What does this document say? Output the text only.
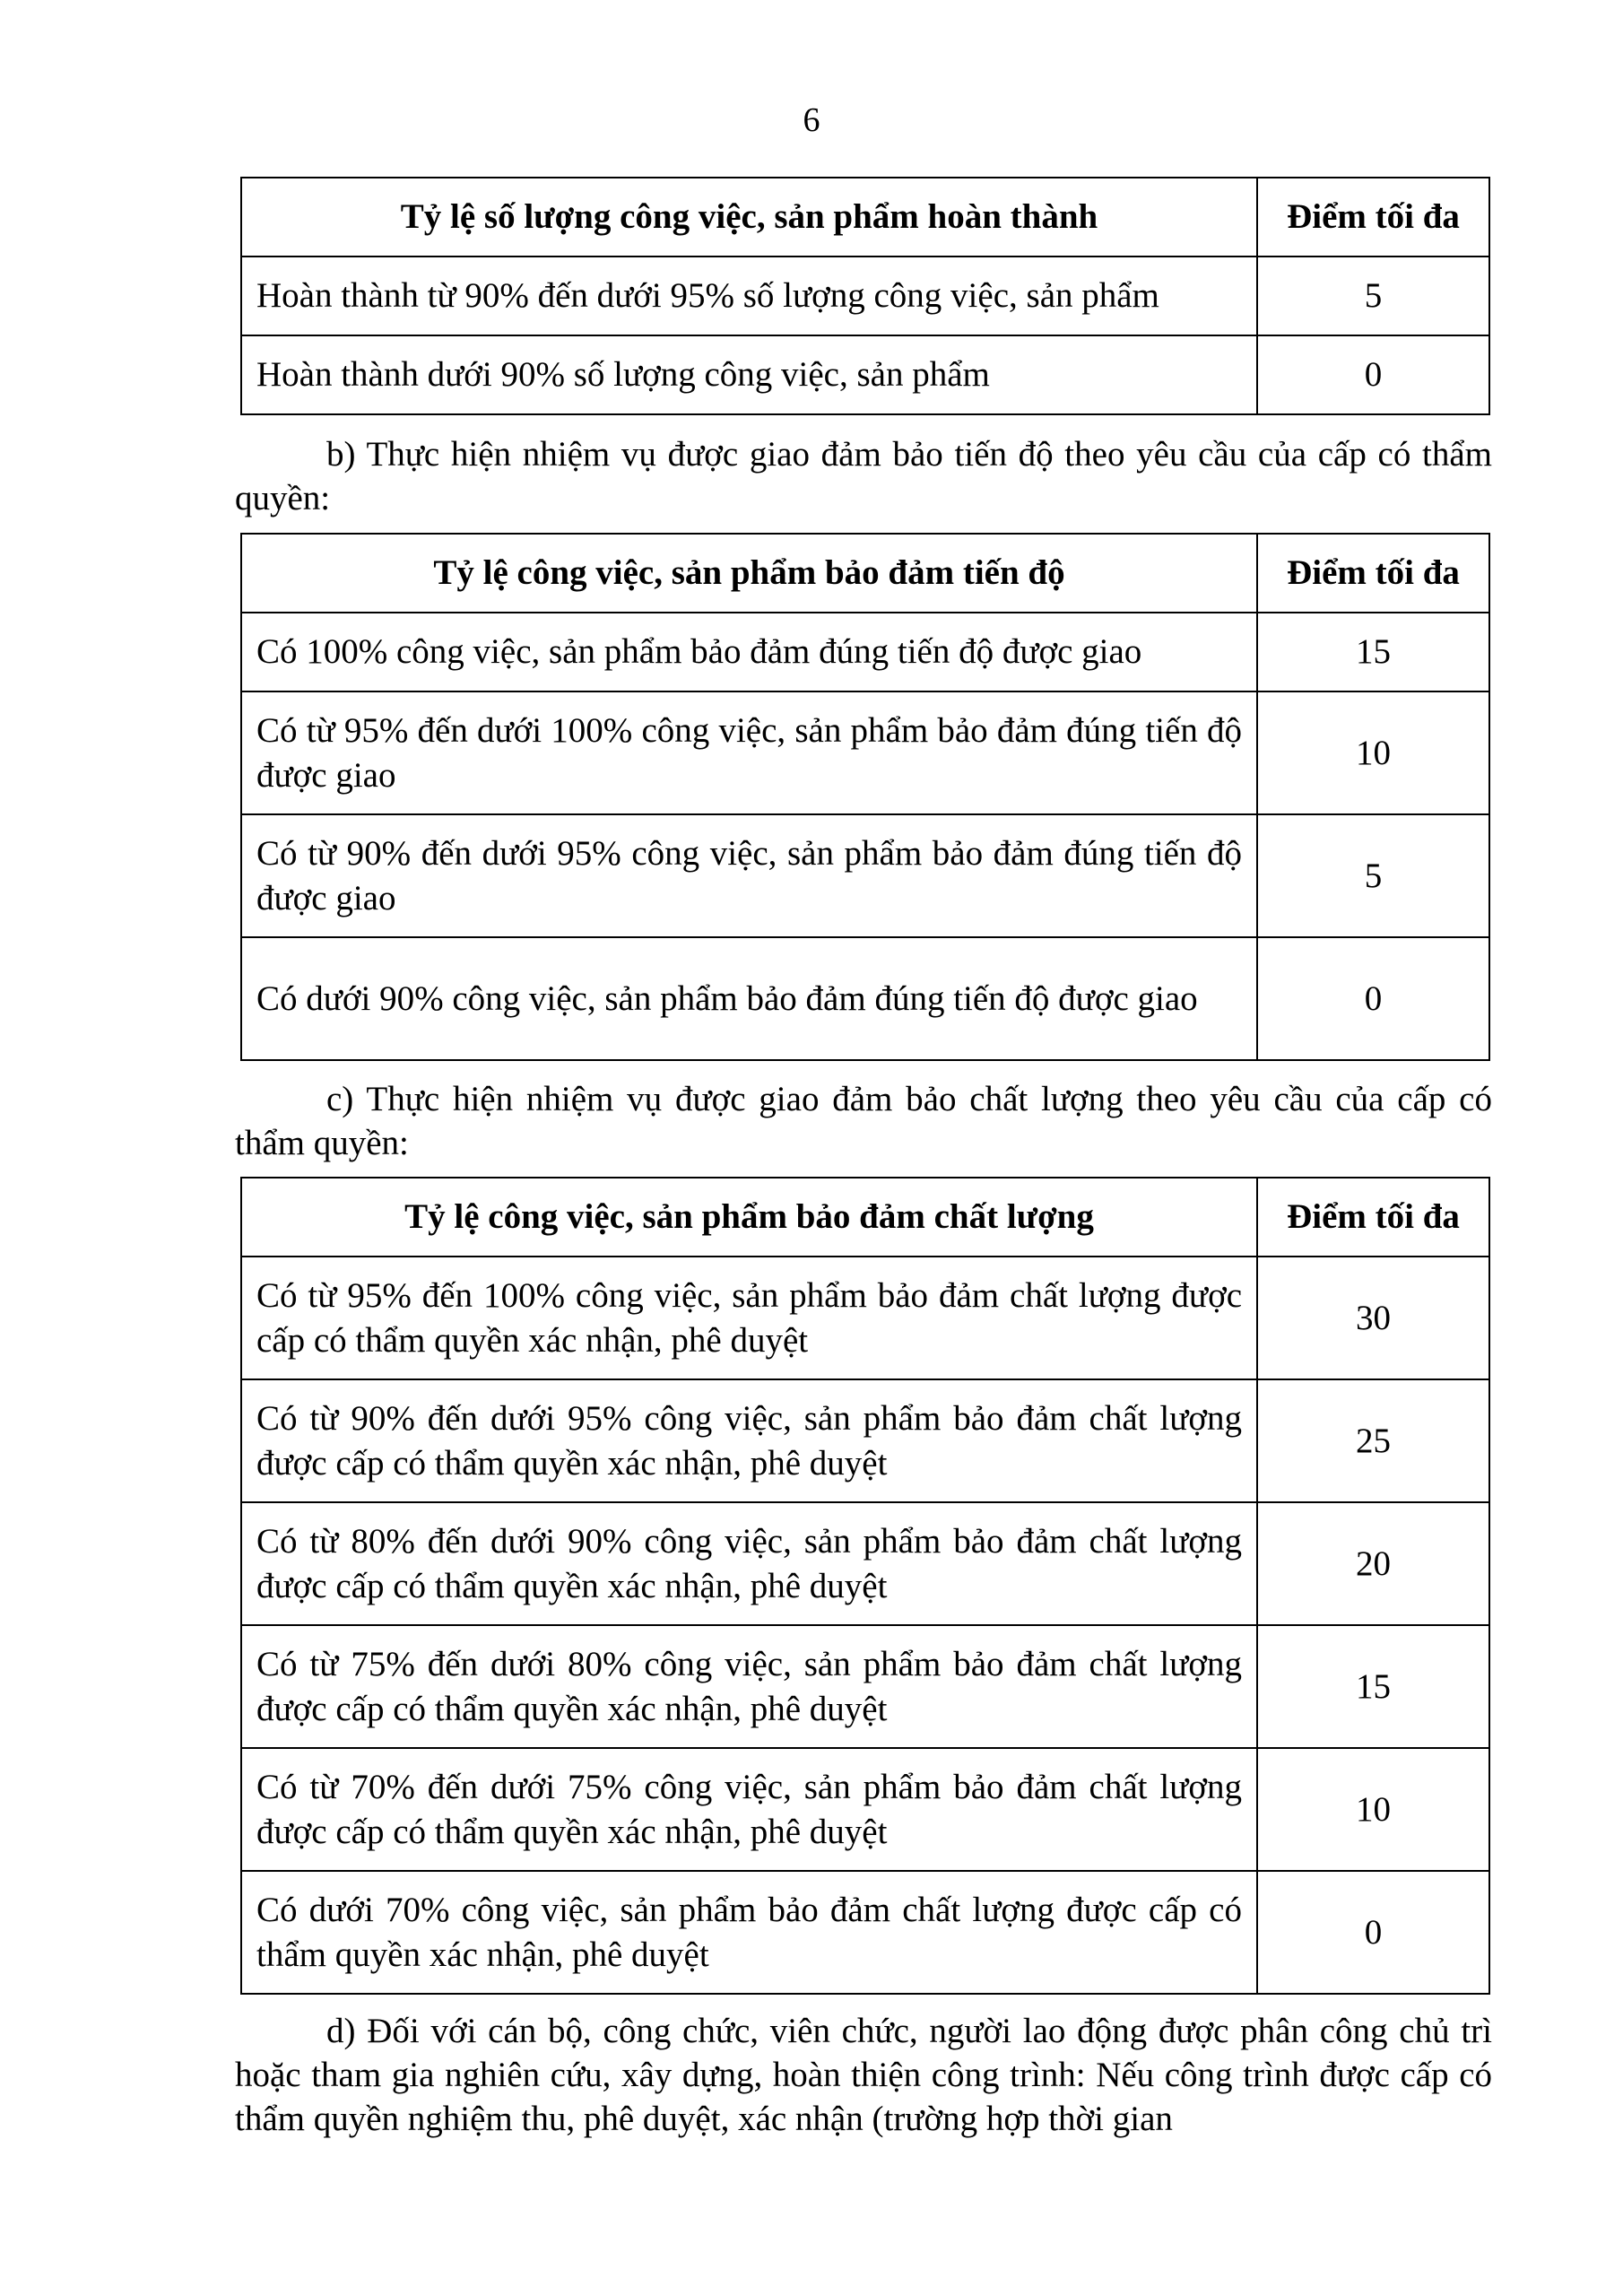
6
Tỷ lệ số lượng công việc, sản phẩm hoàn thành	Điểm tối đa
Hoàn thành từ 90% đến dưới 95% số lượng công việc, sản phẩm	5
Hoàn thành dưới 90% số lượng công việc, sản phẩm	0
b) Thực hiện nhiệm vụ được giao đảm bảo tiến độ theo yêu cầu của cấp có thẩm quyền:
Tỷ lệ công việc, sản phẩm bảo đảm tiến độ	Điểm tối đa
Có 100% công việc, sản phẩm bảo đảm đúng tiến độ được giao	15
Có từ 95% đến dưới 100% công việc, sản phẩm bảo đảm đúng tiến độ được giao	10
Có từ 90% đến dưới 95% công việc, sản phẩm bảo đảm đúng tiến độ được giao	5
Có dưới 90% công việc, sản phẩm bảo đảm đúng tiến độ được giao	0
c) Thực hiện nhiệm vụ được giao đảm bảo chất lượng theo yêu cầu của cấp có thẩm quyền:
Tỷ lệ công việc, sản phẩm bảo đảm chất lượng	Điểm tối đa
Có từ 95% đến 100% công việc, sản phẩm bảo đảm chất lượng được cấp có thẩm quyền xác nhận, phê duyệt	30
Có từ 90% đến dưới 95% công việc, sản phẩm bảo đảm chất lượng được cấp có thẩm quyền xác nhận, phê duyệt	25
Có từ 80% đến dưới 90% công việc, sản phẩm bảo đảm chất lượng được cấp có thẩm quyền xác nhận, phê duyệt	20
Có từ 75% đến dưới 80% công việc, sản phẩm bảo đảm chất lượng được cấp có thẩm quyền xác nhận, phê duyệt	15
Có từ 70% đến dưới 75% công việc, sản phẩm bảo đảm chất lượng được cấp có thẩm quyền xác nhận, phê duyệt	10
Có dưới 70% công việc, sản phẩm bảo đảm chất lượng được cấp có thẩm quyền xác nhận, phê duyệt	0
d) Đối với cán bộ, công chức, viên chức, người lao động được phân công chủ trì hoặc tham gia nghiên cứu, xây dựng, hoàn thiện công trình: Nếu công trình được cấp có thẩm quyền nghiệm thu, phê duyệt, xác nhận (trường hợp thời gian
